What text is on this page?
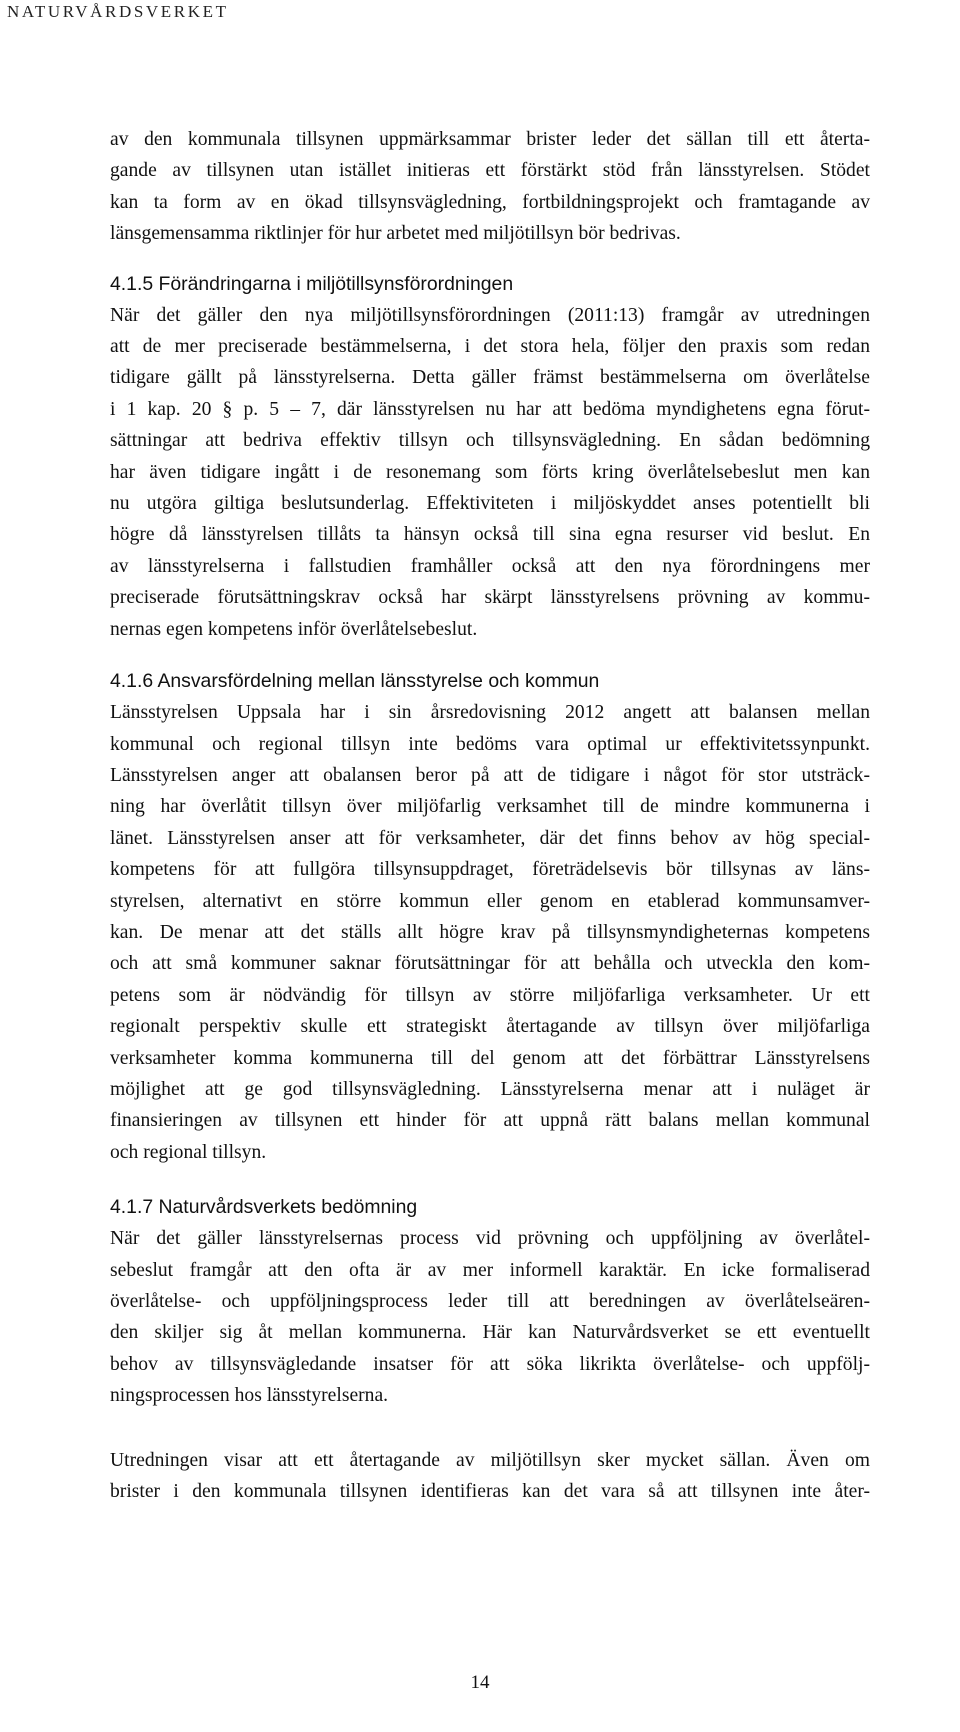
NATURVÅRDSVERKET
av den kommunala tillsynen uppmärksammar brister leder det sällan till ett återta-
gande av tillsynen utan istället initieras ett förstärkt stöd från länsstyrelsen. Stödet
kan ta form av en ökad tillsynsvägledning, fortbildningsprojekt och framtagande av
länsgemensamma riktlinjer för hur arbetet med miljötillsyn bör bedrivas.
4.1.5 Förändringarna i miljötillsynsförordningen
När det gäller den nya miljötillsynsförordningen (2011:13) framgår av utredningen
att de mer preciserade bestämmelserna, i det stora hela, följer den praxis som redan
tidigare gällt på länsstyrelserna. Detta gäller främst bestämmelserna om överlåtelse
i 1 kap. 20 § p. 5 – 7, där länsstyrelsen nu har att bedöma myndighetens egna förut-
sättningar att bedriva effektiv tillsyn och tillsynsvägledning. En sådan bedömning
har även tidigare ingått i de resonemang som förts kring överlåtelsebeslut men kan
nu utgöra giltiga beslutsunderlag. Effektiviteten i miljöskyddet anses potentiellt bli
högre då länsstyrelsen tillåts ta hänsyn också till sina egna resurser vid beslut. En
av länsstyrelserna i fallstudien framhåller också att den nya förordningens mer
preciserade förutsättningskrav också har skärpt länsstyrelsens prövning av kommu-
nernas egen kompetens inför överlåtelsebeslut.
4.1.6 Ansvarsfördelning mellan länsstyrelse och kommun
Länsstyrelsen Uppsala har i sin årsredovisning 2012 angett att balansen mellan
kommunal och regional tillsyn inte bedöms vara optimal ur effektivitetssynpunkt.
Länsstyrelsen anger att obalansen beror på att de tidigare i något för stor utsträck-
ning har överlåtit tillsyn över miljöfarlig verksamhet till de mindre kommunerna i
länet. Länsstyrelsen anser att för verksamheter, där det finns behov av hög special-
kompetens för att fullgöra tillsynsuppdraget, företrädelsevis bör tillsynas av läns-
styrelsen, alternativt en större kommun eller genom en etablerad kommunsamver-
kan. De menar att det ställs allt högre krav på tillsynsmyndigheternas kompetens
och att små kommuner saknar förutsättningar för att behålla och utveckla den kom-
petens som är nödvändig för tillsyn av större miljöfarliga verksamheter. Ur ett
regionalt perspektiv skulle ett strategiskt återtagande av tillsyn över miljöfarliga
verksamheter komma kommunerna till del genom att det förbättrar Länsstyrelsens
möjlighet att ge god tillsynsvägledning. Länsstyrelserna menar att i nuläget är
finansieringen av tillsynen ett hinder för att uppnå rätt balans mellan kommunal
och regional tillsyn.
4.1.7 Naturvårdsverkets bedömning
När det gäller länsstyrelsernas process vid prövning och uppföljning av överlåtel-
sebeslut framgår att den ofta är av mer informell karaktär. En icke formaliserad
överlåtelse- och uppföljningsprocess leder till att beredningen av överlåtelseären-
den skiljer sig åt mellan kommunerna. Här kan Naturvårdsverket se ett eventuellt
behov av tillsynsvägledande insatser för att söka likrikta överlåtelse- och uppfölj-
ningsprocessen hos länsstyrelserna.
Utredningen visar att ett återtagande av miljötillsyn sker mycket sällan. Även om
brister i den kommunala tillsynen identifieras kan det vara så att tillsynen inte åter-
14
